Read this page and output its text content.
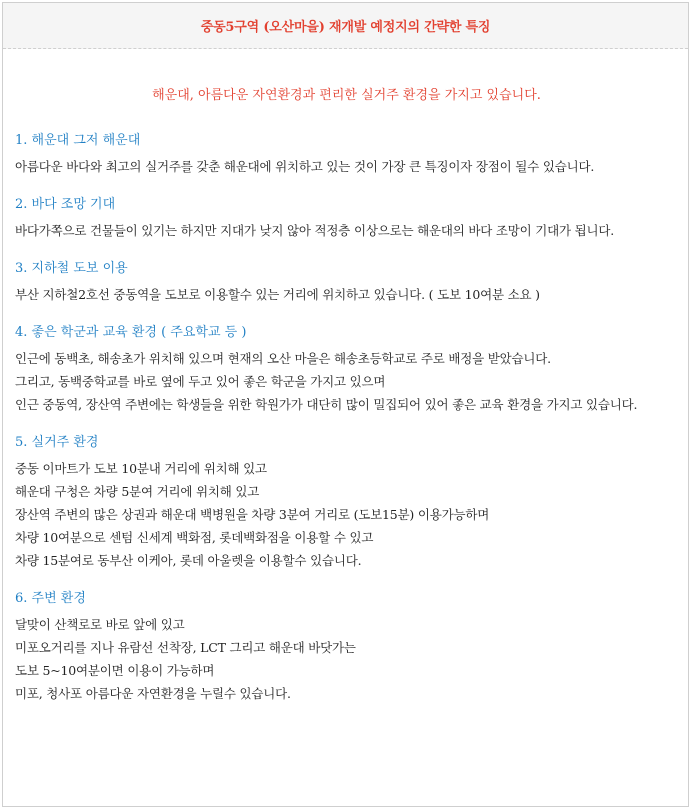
중동5구역 (오산마을) 재개발 예정지의 간략한 특징
해운대, 아름다운 자연환경과 편리한 실거주 환경을 가지고 있습니다.
1. 해운대 그저 해운대

아름다운 바다와 최고의 실거주를 갖춘 해운대에 위치하고 있는 것이 가장 큰 특징이자 장점이 될수 있습니다.

2. 바다 조망 기대

바다가쪽으로 건물들이 있기는 하지만 지대가 낮지 않아 적정층 이상으로는 해운대의 바다 조망이 기대가 됩니다.

3. 지하철 도보 이용

부산 지하철2호선 중동역을 도보로 이용할수 있는 거리에 위치하고 있습니다. ( 도보 10여분 소요 )

4. 좋은 학군과 교육 환경 ( 주요학교 등 )

인근에 동백초, 해송초가 위치해 있으며 현재의 오산 마을은 해송초등학교로 주로 배정을 받았습니다.

그리고, 동백중학교를 바로 옆에 두고 있어 좋은 학군을 가지고 있으며

인근 중동역, 장산역 주변에는 학생들을 위한 학원가가 대단히 많이 밀집되어 있어 좋은 교육 환경을 가지고 있습니다.

5. 실거주 환경

중동 이마트가 도보 10분내 거리에 위치해 있고

해운대 구청은 차량 5분여 거리에 위치해 있고

장산역 주변의 많은 상권과 해운대 백병원을 차량 3분여 거리로 (도보15분) 이용가능하며

차량 10여분으로 센텀 신세계 백화점, 롯데백화점을 이용할 수 있고

차량 15분여로 동부산 이케아, 롯데 아울렛을 이용할수 있습니다.

6. 주변 환경

달맞이 산책로로 바로 앞에 있고

미포오거리를 지나 유람선 선착장, LCT 그리고 해운대 바닷가는

도보 5~10여분이면 이용이 가능하며

미포, 청사포 아름다운 자연환경을 누릴수 있습니다.
